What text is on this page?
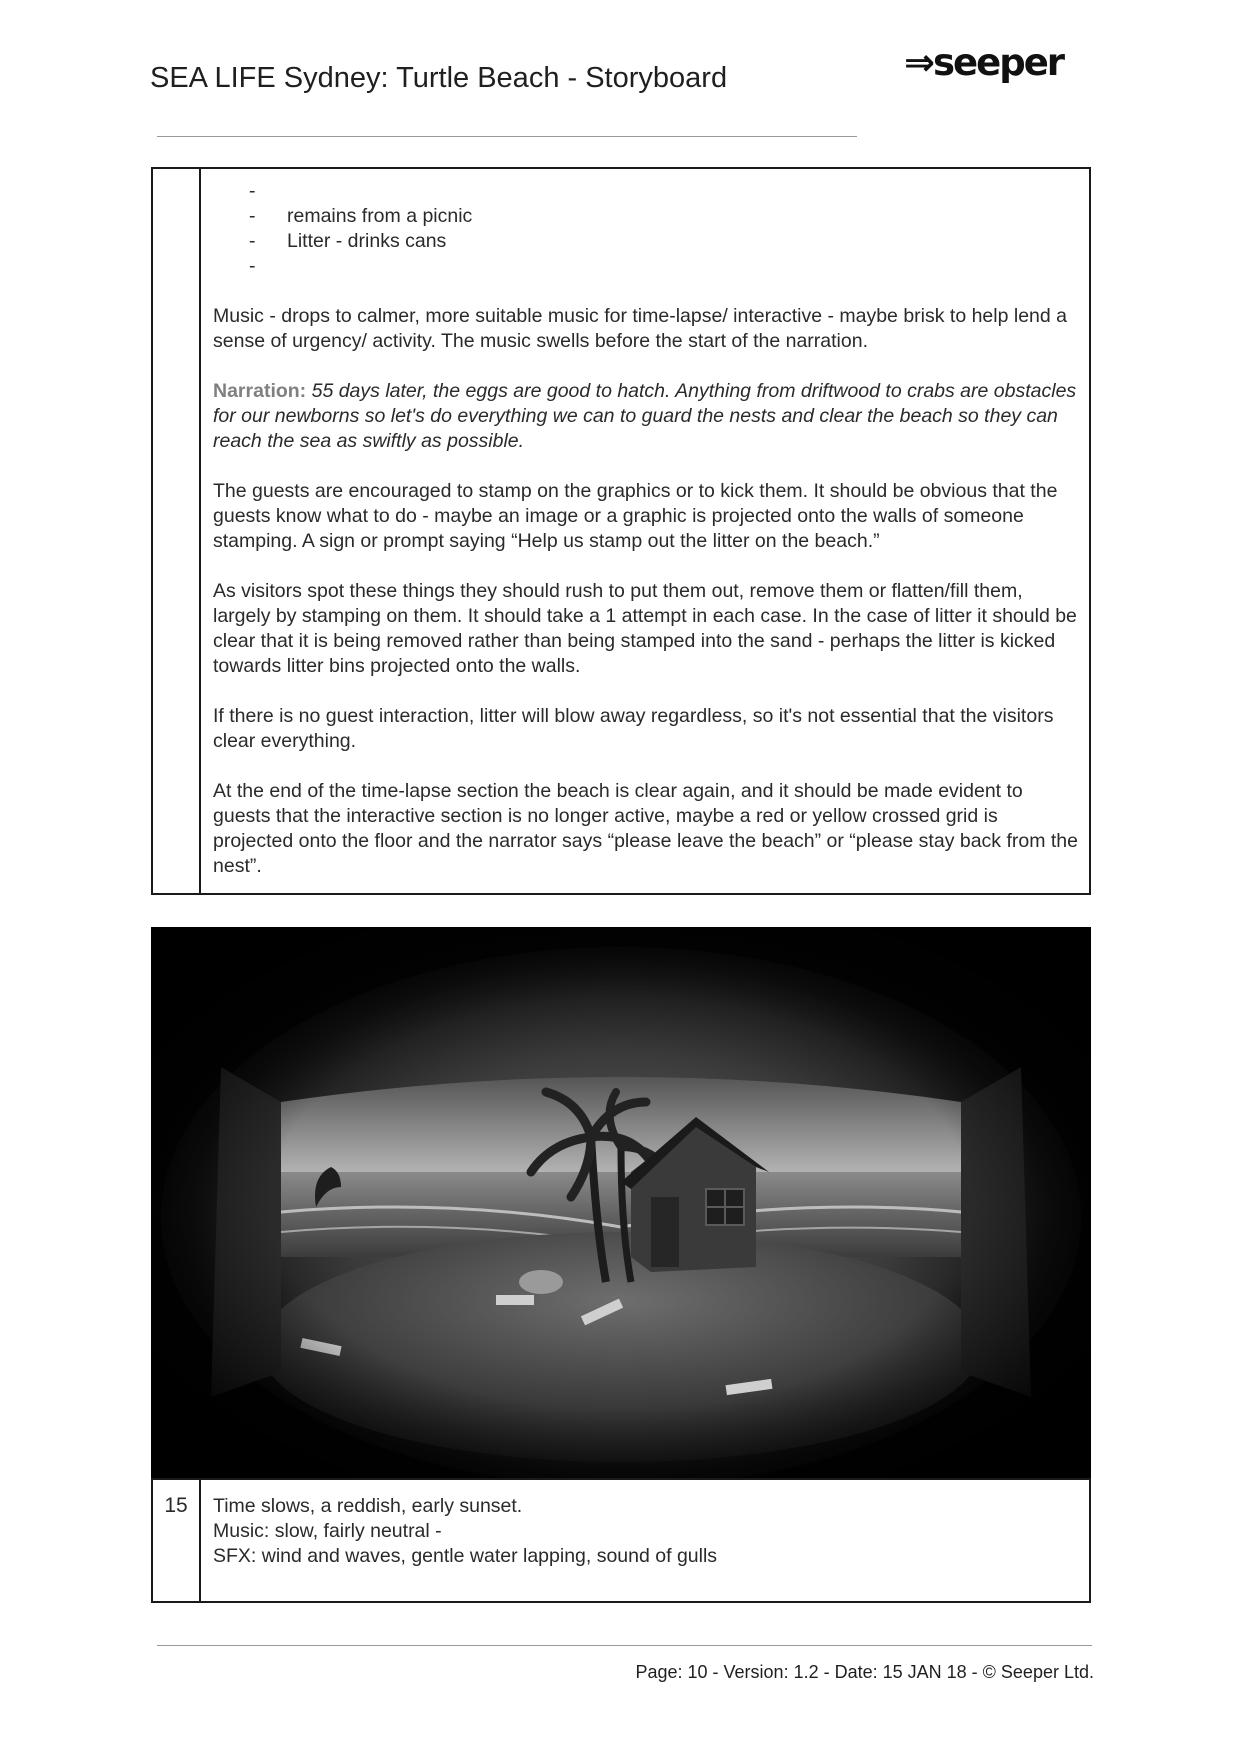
SEA LIFE Sydney: Turtle Beach - Storyboard	⇒seeper
-
- remains from a picnic
- Litter - drinks cans
-

Music - drops to calmer, more suitable music for time-lapse/ interactive - maybe brisk to help lend a sense of urgency/ activity. The music swells before the start of the narration.

Narration: 55 days later, the eggs are good to hatch. Anything from driftwood to crabs are obstacles for our newborns so let's do everything we can to guard the nests and clear the beach so they can reach the sea as swiftly as possible.

The guests are encouraged to stamp on the graphics or to kick them. It should be obvious that the guests know what to do - maybe an image or a graphic is projected onto the walls of someone stamping. A sign or prompt saying “Help us stamp out the litter on the beach.”

As visitors spot these things they should rush to put them out, remove them or flatten/fill them, largely by stamping on them. It should take a 1 attempt in each case. In the case of litter it should be clear that it is being removed rather than being stamped into the sand - perhaps the litter is kicked towards litter bins projected onto the walls.

If there is no guest interaction, litter will blow away regardless, so it's not essential that the visitors clear everything.

At the end of the time-lapse section the beach is clear again, and it should be made evident to guests that the interactive section is no longer active, maybe a red or yellow crossed grid is projected onto the floor and the narrator says “please leave the beach” or “please stay back from the nest”.

15	Time slows, a reddish, early sunset.
Music: slow, fairly neutral -
SFX: wind and waves, gentle water lapping, sound of gulls
Page: 10 - Version: 1.2 - Date: 15 JAN 18 - © Seeper Ltd.
